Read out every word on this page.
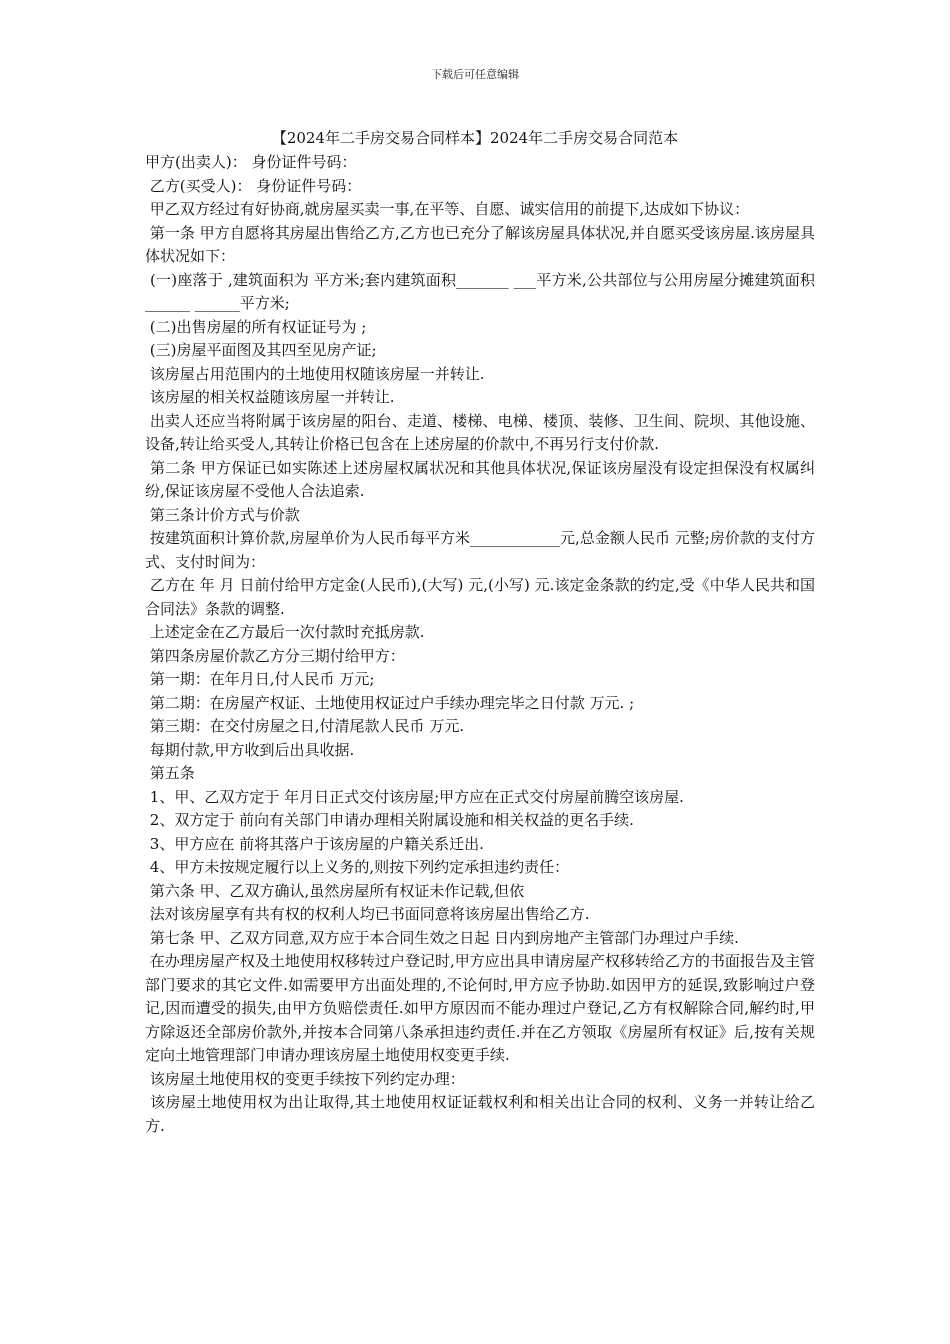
下载后可任意编辑
【2024年二手房交易合同样本】2024年二手房交易合同范本

甲方(出卖人)： 身份证件号码：

乙方(买受人)： 身份证件号码：

甲乙双方经过有好协商,就房屋买卖一事,在平等、自愿、诚实信用的前提下,达成如下协议：

第一条 甲方自愿将其房屋出售给乙方,乙方也已充分了解该房屋具体状况,并自愿买受该房屋.该房屋具体状况如下：

(一)座落于 ,建筑面积为 平方米;套内建筑面积_______ ___平方米,公共部位与公用房屋分摊建筑面积______ ______平方米;

(二)出售房屋的所有权证证号为 ;

(三)房屋平面图及其四至见房产证;

该房屋占用范围内的土地使用权随该房屋一并转让.

该房屋的相关权益随该房屋一并转让.

出卖人还应当将附属于该房屋的阳台、走道、楼梯、电梯、楼顶、装修、卫生间、院坝、其他设施、设备,转让给买受人,其转让价格已包含在上述房屋的价款中,不再另行支付价款.

第二条 甲方保证已如实陈述上述房屋权属状况和其他具体状况,保证该房屋没有设定担保没有权属纠纷,保证该房屋不受他人合法追索.

第三条计价方式与价款

按建筑面积计算价款,房屋单价为人民币每平方米____________元,总金额人民币 元整;房价款的支付方式、支付时间为：

乙方在 年 月 日前付给甲方定金(人民币),(大写) 元,(小写) 元.该定金条款的约定,受《中华人民共和国合同法》条款的调整.

上述定金在乙方最后一次付款时充抵房款.

第四条房屋价款乙方分三期付给甲方：

第一期：在年月日,付人民币 万元;

第二期：在房屋产权证、土地使用权证过户手续办理完毕之日付款 万元. ;

第三期：在交付房屋之日,付清尾款人民币 万元.

每期付款,甲方收到后出具收据.

第五条

1、甲、乙双方定于 年月日正式交付该房屋;甲方应在正式交付房屋前腾空该房屋.

2、双方定于 前向有关部门申请办理相关附属设施和相关权益的更名手续.

3、甲方应在 前将其落户于该房屋的户籍关系迁出.

4、甲方未按规定履行以上义务的,则按下列约定承担违约责任：

第六条 甲、乙双方确认,虽然房屋所有权证未作记载,但依

法对该房屋享有共有权的权利人均已书面同意将该房屋出售给乙方.

第七条 甲、乙双方同意,双方应于本合同生效之日起 日内到房地产主管部门办理过户手续.

在办理房屋产权及土地使用权移转过户登记时,甲方应出具申请房屋产权移转给乙方的书面报告及主管部门要求的其它文件.如需要甲方出面处理的,不论何时,甲方应予协助.如因甲方的延误,致影响过户登记,因而遭受的损失,由甲方负赔偿责任.如甲方原因而不能办理过户登记,乙方有权解除合同,解约时,甲方除返还全部房价款外,并按本合同第八条承担违约责任.并在乙方领取《房屋所有权证》后,按有关规定向土地管理部门申请办理该房屋土地使用权变更手续.

该房屋土地使用权的变更手续按下列约定办理：

该房屋土地使用权为出让取得,其土地使用权证证载权利和相关出让合同的权利、义务一并转让给乙方.
